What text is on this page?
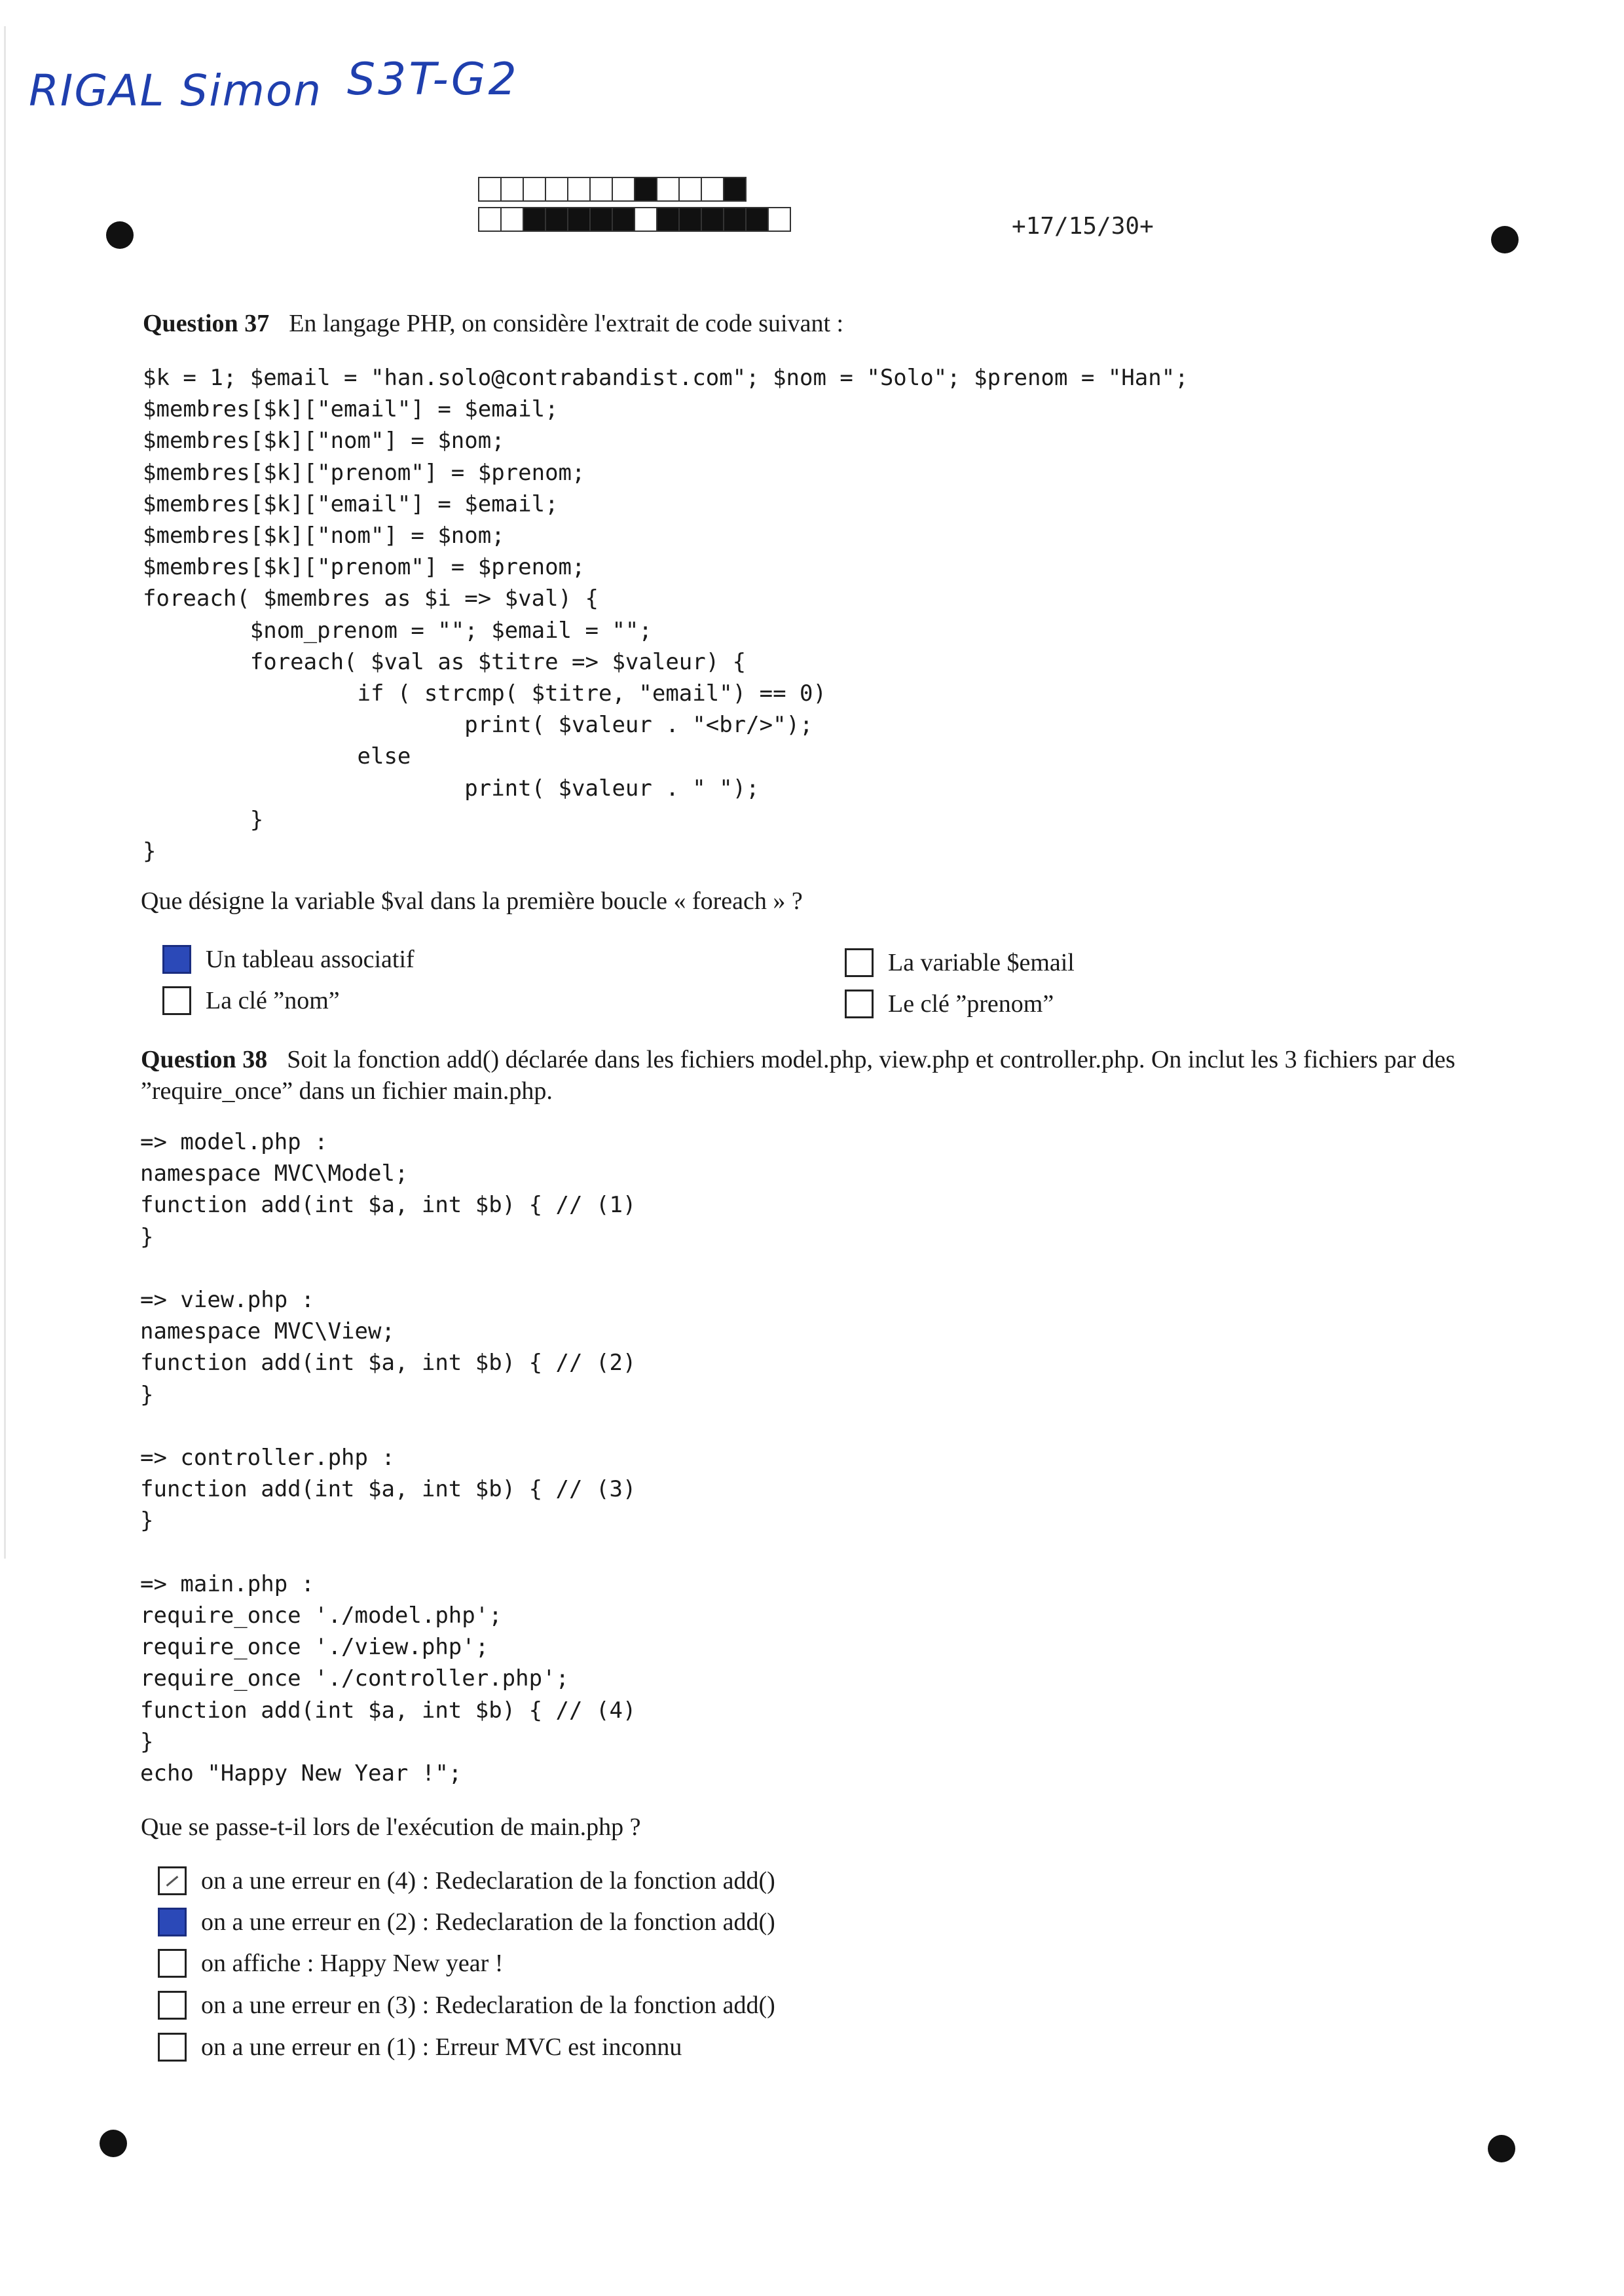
RIGAL Simon S3T-G2
+17/15/30+
Question 37 En langage PHP, on considère l'extrait de code suivant :
$k = 1; $email = "han.solo@contrabandist.com"; $nom = "Solo"; $prenom = "Han";
$membres[$k]["email"] = $email;
$membres[$k]["nom"] = $nom;
$membres[$k]["prenom"] = $prenom;
$membres[$k]["email"] = $email;
$membres[$k]["nom"] = $nom;
$membres[$k]["prenom"] = $prenom;
foreach( $membres as $i => $val) {
$nom_prenom = ""; $email = "";
foreach( $val as $titre => $valeur) {
if ( strcmp( $titre, "email") == 0)
print( $valeur . "<br/>");
else
print( $valeur . " ");
}
}
Que désigne la variable $val dans la première boucle « foreach » ?
Un tableau associatif
La clé ”nom”
La variable $email
Le clé ”prenom”
Question 38 Soit la fonction add() déclarée dans les fichiers model.php, view.php et controller.php. On inclut les 3 fichiers par des ”require_once” dans un fichier main.php.
=> model.php :
namespace MVC\Model;
function add(int $a, int $b) { // (1)
}

=> view.php :
namespace MVC\View;
function add(int $a, int $b) { // (2)
}

=> controller.php :
function add(int $a, int $b) { // (3)
}

=> main.php :
require_once './model.php';
require_once './view.php';
require_once './controller.php';
function add(int $a, int $b) { // (4)
}
echo "Happy New Year !";
Que se passe-t-il lors de l'exécution de main.php ?
on a une erreur en (4) : Redeclaration de la fonction add()
on a une erreur en (2) : Redeclaration de la fonction add()
on affiche : Happy New year !
on a une erreur en (3) : Redeclaration de la fonction add()
on a une erreur en (1) : Erreur MVC est inconnu
